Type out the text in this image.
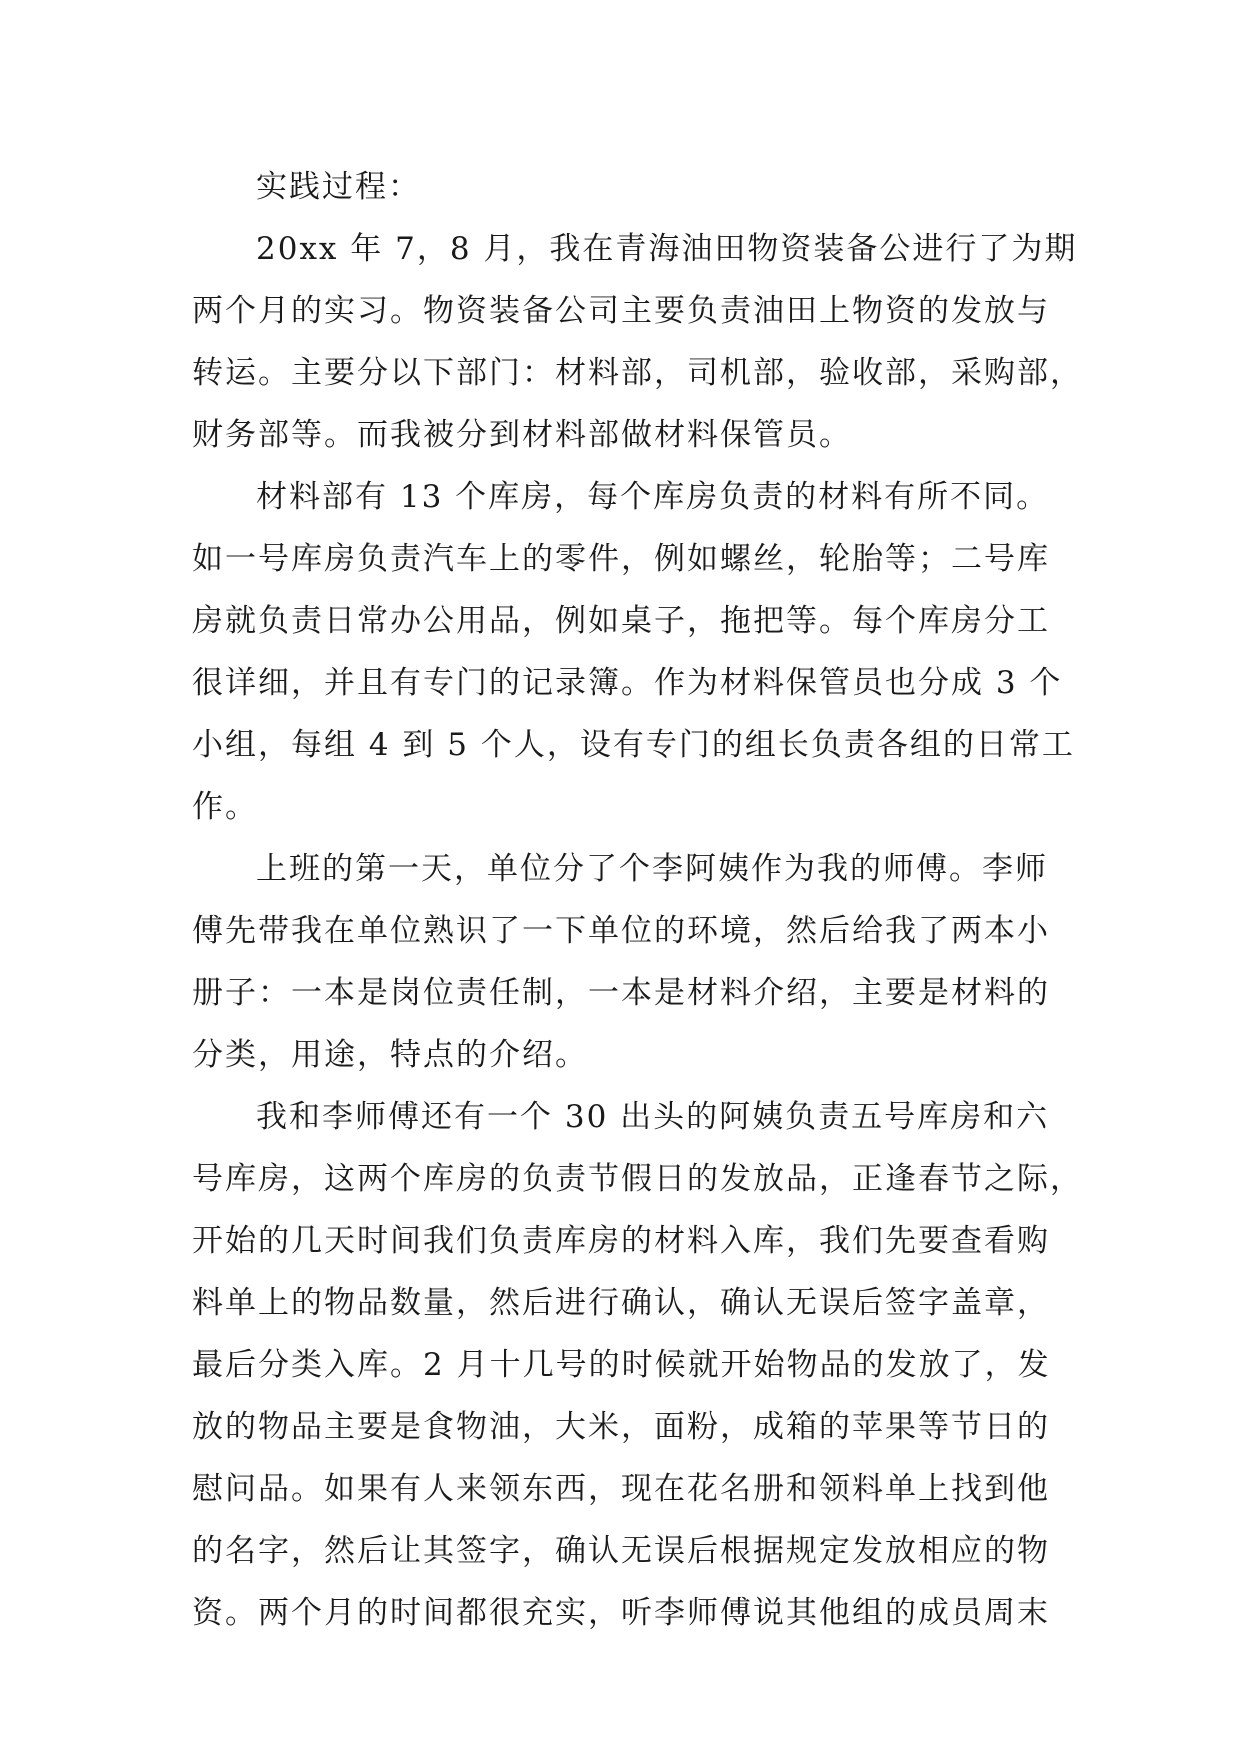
实践过程：
20xx 年 7，8 月，我在青海油田物资装备公进行了为期
两个月的实习。物资装备公司主要负责油田上物资的发放与
转运。主要分以下部门：材料部，司机部，验收部，采购部，
财务部等。而我被分到材料部做材料保管员。
材料部有 13 个库房，每个库房负责的材料有所不同。
如一号库房负责汽车上的零件，例如螺丝，轮胎等；二号库
房就负责日常办公用品，例如桌子，拖把等。每个库房分工
很详细，并且有专门的记录簿。作为材料保管员也分成 3 个
小组，每组 4 到 5 个人，设有专门的组长负责各组的日常工
作。
上班的第一天，单位分了个李阿姨作为我的师傅。李师
傅先带我在单位熟识了一下单位的环境，然后给我了两本小
册子：一本是岗位责任制，一本是材料介绍，主要是材料的
分类，用途，特点的介绍。
我和李师傅还有一个 30 出头的阿姨负责五号库房和六
号库房，这两个库房的负责节假日的发放品，正逢春节之际，
开始的几天时间我们负责库房的材料入库，我们先要查看购
料单上的物品数量，然后进行确认，确认无误后签字盖章，
最后分类入库。2 月十几号的时候就开始物品的发放了，发
放的物品主要是食物油，大米，面粉，成箱的苹果等节日的
慰问品。如果有人来领东西，现在花名册和领料单上找到他
的名字，然后让其签字，确认无误后根据规定发放相应的物
资。两个月的时间都很充实，听李师傅说其他组的成员周末
